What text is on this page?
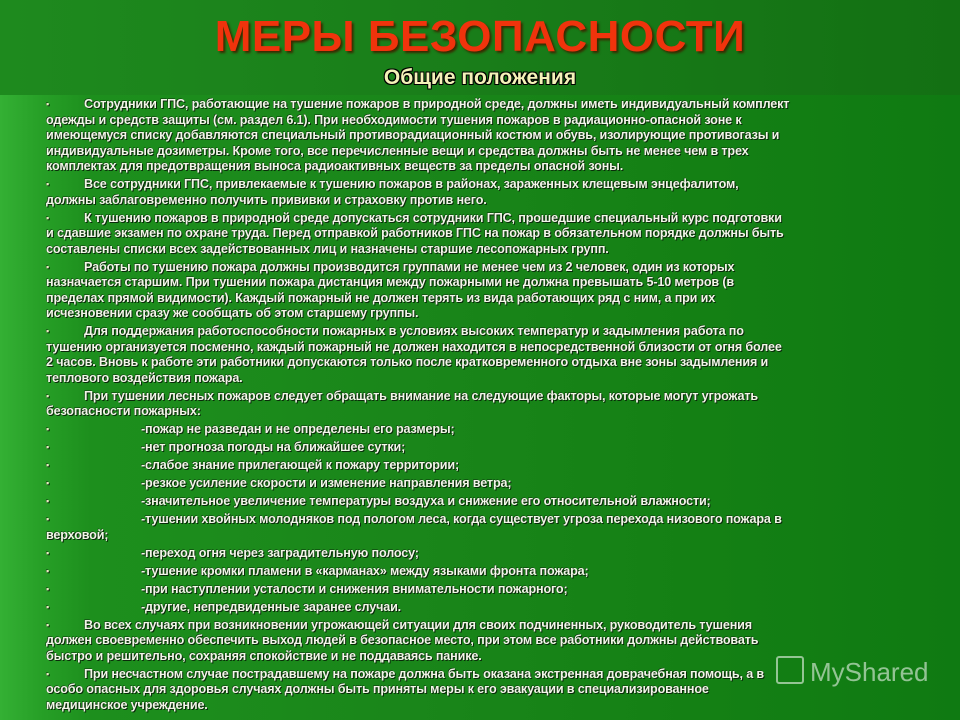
МЕРЫ БЕЗОПАСНОСТИ
Общие положения
▪	Сотрудники ГПС, работающие на тушение пожаров в природной среде, должны иметь индивидуальный комплект
одежды и средств защиты (см. раздел 6.1). При необходимости тушения пожаров в радиационно-опасной зоне к
имеющемуся списку добавляются специальный противорадиационный костюм и обувь, изолирующие противогазы и
индивидуальные дозиметры. Кроме того, все перечисленные вещи и средства должны быть не менее чем в трех
комплектах для предотвращения выноса радиоактивных веществ за пределы опасной зоны.
▪	Все сотрудники ГПС, привлекаемые к тушению пожаров в районах, зараженных клещевым энцефалитом,
должны заблаговременно получить прививки и страховку против него.
▪	К тушению пожаров в природной среде допускаться сотрудники ГПС, прошедшие специальный курс подготовки
и сдавшие экзамен по охране труда. Перед отправкой работников ГПС на пожар в обязательном порядке должны быть
составлены списки всех задействованных лиц и назначены старшие лесопожарных групп.
▪	Работы по тушению пожара должны производится группами не менее чем из 2 человек, один из которых
назначается старшим. При тушении пожара дистанция между пожарными не должна превышать 5-10 метров (в
пределах прямой видимости). Каждый пожарный не должен терять из вида работающих ряд с ним, а при их
исчезновении сразу же сообщать об этом старшему группы.
▪	Для поддержания работоспособности пожарных в условиях высоких температур и задымления работа по
тушению организуется посменно, каждый пожарный не должен находится в непосредственной близости от огня более
2 часов. Вновь к работе эти работники допускаются только после кратковременного отдыха вне зоны задымления и
теплового воздействия пожара.
▪	При тушении лесных пожаров следует обращать внимание на следующие факторы, которые могут угрожать
безопасности пожарных:
▪	-пожар не разведан и не определены его размеры;
▪	-нет прогноза погоды на ближайшее сутки;
▪	-слабое знание прилегающей к пожару территории;
▪	-резкое усиление скорости и изменение направления ветра;
▪	-значительное увеличение температуры воздуха и снижение его относительной влажности;
▪	-тушении хвойных молодняков под пологом леса, когда существует угроза перехода низового пожара в
верховой;
▪	-переход огня через заградительную полосу;
▪	-тушение кромки пламени в «карманах» между языками фронта пожара;
▪	-при наступлении усталости и снижения внимательности пожарного;
▪	-другие, непредвиденные заранее случаи.
▪	Во всех случаях при возникновении угрожающей ситуации для своих подчиненных, руководитель тушения
должен своевременно обеспечить выход людей в безопасное место, при этом все работники должны действовать
быстро и решительно, сохраняя спокойствие и не поддаваясь панике.
▪	При несчастном случае пострадавшему на пожаре должна быть оказана экстренная доврачебная помощь, а в
особо опасных для здоровья случаях должны быть приняты меры к его эвакуации в специализированное
медицинское учреждение.
MyShared
